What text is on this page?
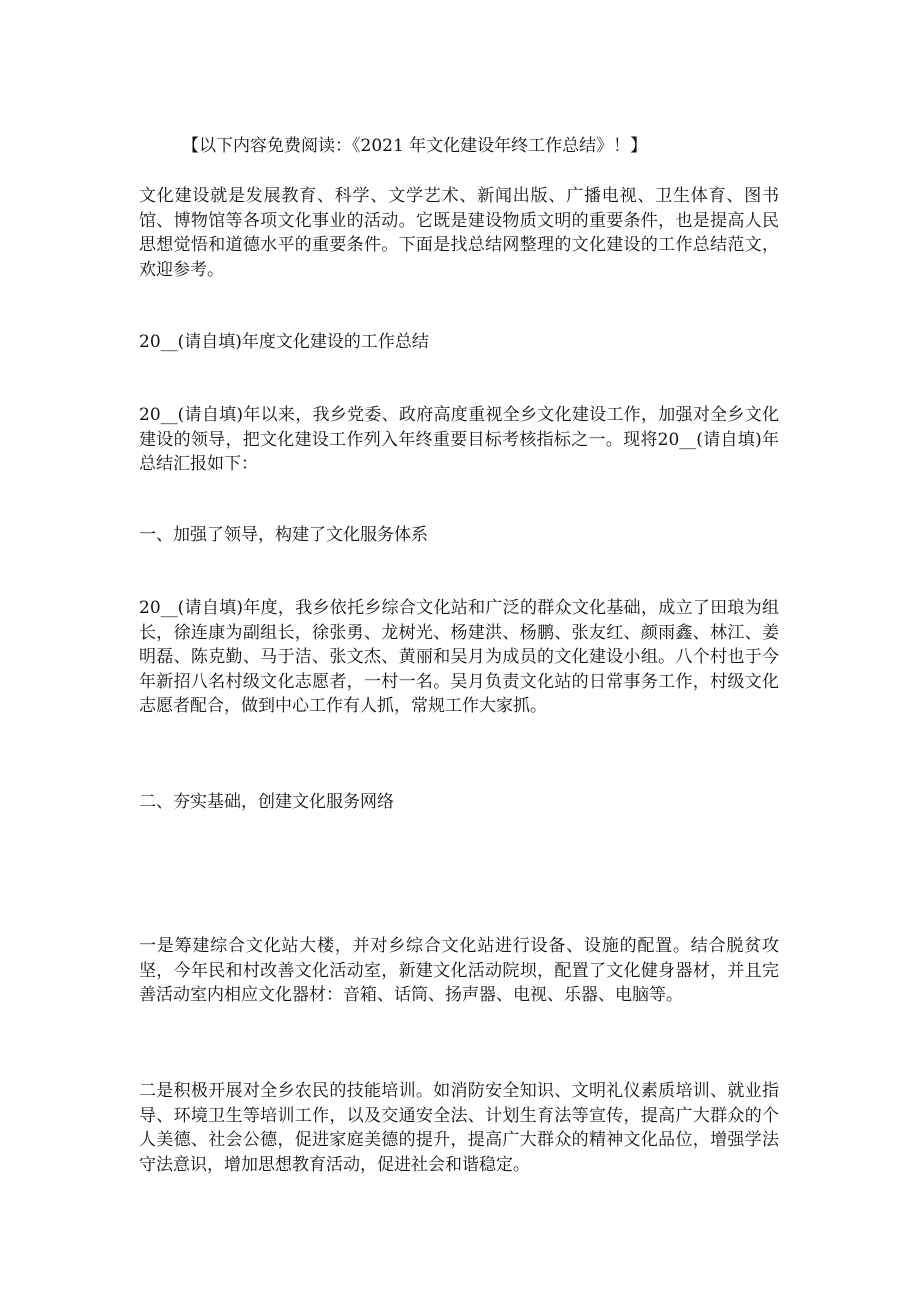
【以下内容免费阅读：《2021 年文化建设年终工作总结》！】

文化建设就是发展教育、科学、文学艺术、新闻出版、广播电视、卫生体育、图书馆、博物馆等各项文化事业的活动。它既是建设物质文明的重要条件，也是提高人民思想觉悟和道德水平的重要条件。下面是找总结网整理的文化建设的工作总结范文，欢迎参考。

20__(请自填)年度文化建设的工作总结

20__(请自填)年以来，我乡党委、政府高度重视全乡文化建设工作，加强对全乡文化建设的领导，把文化建设工作列入年终重要目标考核指标之一。现将20__(请自填)年总结汇报如下：

一、加强了领导，构建了文化服务体系

20__(请自填)年度，我乡依托乡综合文化站和广泛的群众文化基础，成立了田琅为组长，徐连康为副组长，徐张勇、龙树光、杨建洪、杨鹏、张友红、颜雨鑫、林江、姜明磊、陈克勤、马于洁、张文杰、黄丽和吴月为成员的文化建设小组。八个村也于今年新招八名村级文化志愿者，一村一名。吴月负责文化站的日常事务工作，村级文化志愿者配合，做到中心工作有人抓，常规工作大家抓。

二、夯实基础，创建文化服务网络

一是筹建综合文化站大楼，并对乡综合文化站进行设备、设施的配置。结合脱贫攻坚，今年民和村改善文化活动室，新建文化活动院坝，配置了文化健身器材，并且完善活动室内相应文化器材：音箱、话筒、扬声器、电视、乐器、电脑等。

二是积极开展对全乡农民的技能培训。如消防安全知识、文明礼仪素质培训、就业指导、环境卫生等培训工作，以及交通安全法、计划生育法等宣传，提高广大群众的个人美德、社会公德，促进家庭美德的提升，提高广大群众的精神文化品位，增强学法守法意识，增加思想教育活动，促进社会和谐稳定。
